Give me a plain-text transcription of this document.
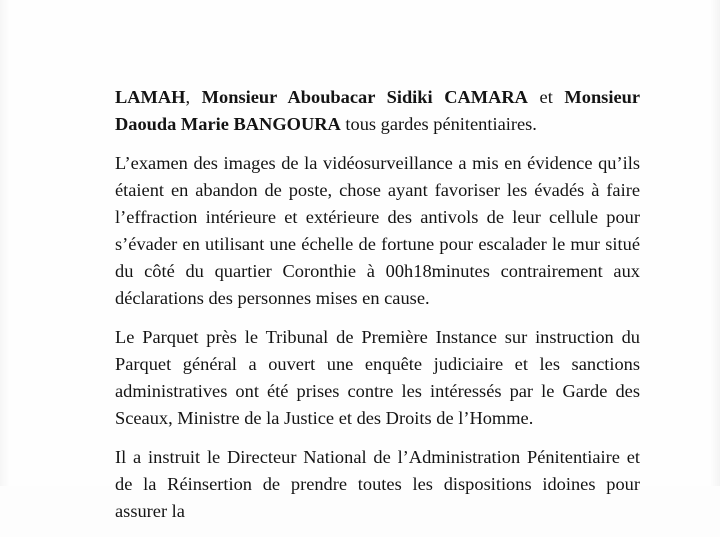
LAMAH, Monsieur Aboubacar Sidiki CAMARA et Monsieur Daouda Marie BANGOURA tous gardes pénitentiaires.

L’examen des images de la vidéosurveillance a mis en évidence qu’ils étaient en abandon de poste, chose ayant favoriser les évadés à faire l’effraction intérieure et extérieure des antivols de leur cellule pour s’évader en utilisant une échelle de fortune pour escalader le mur situé du côté du quartier Coronthie à 00h18minutes contrairement aux déclarations des personnes mises en cause.

Le Parquet près le Tribunal de Première Instance sur instruction du Parquet général a ouvert une enquête judiciaire et les sanctions administratives ont été prises contre les intéressés par le Garde des Sceaux, Ministre de la Justice et des Droits de l’Homme.

Il a instruit le Directeur National de l’Administration Pénitentiaire et de la Réinsertion de prendre toutes les dispositions idoines pour assurer la
